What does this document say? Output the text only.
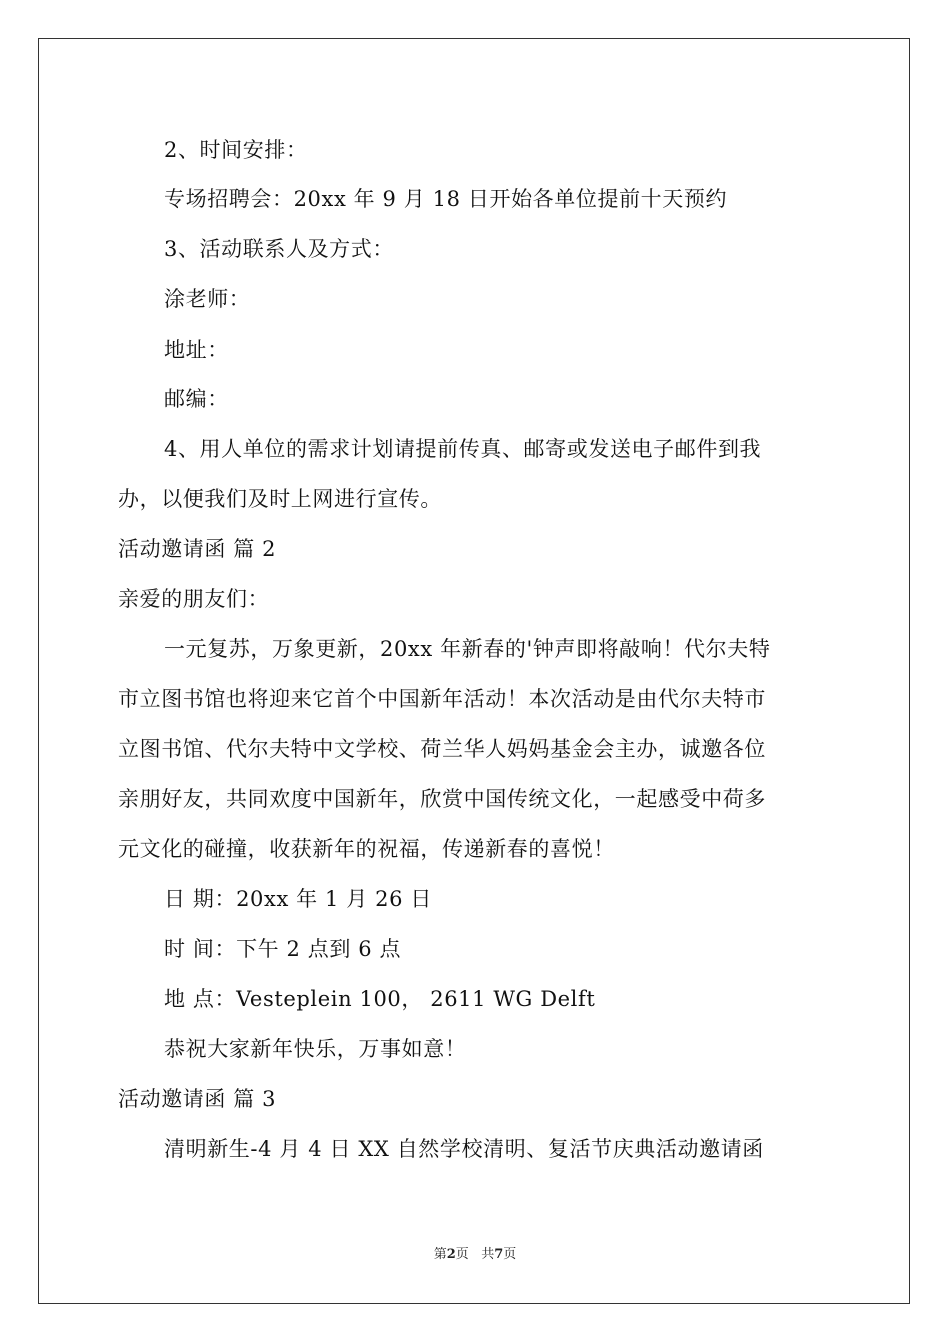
2、时间安排：
专场招聘会：20xx 年 9 月 18 日开始各单位提前十天预约
3、活动联系人及方式：
涂老师：
地址：
邮编：
4、用人单位的需求计划请提前传真、邮寄或发送电子邮件到我
办，以便我们及时上网进行宣传。
活动邀请函 篇 2
亲爱的朋友们：
一元复苏，万象更新，20xx 年新春的'钟声即将敲响！代尔夫特
市立图书馆也将迎来它首个中国新年活动！本次活动是由代尔夫特市
立图书馆、代尔夫特中文学校、荷兰华人妈妈基金会主办，诚邀各位
亲朋好友，共同欢度中国新年，欣赏中国传统文化，一起感受中荷多
元文化的碰撞，收获新年的祝福，传递新春的喜悦！
日 期：20xx 年 1 月 26 日
时 间：下午 2 点到 6 点
地 点：Vesteplein 100， 2611 WG Delft
恭祝大家新年快乐，万事如意！
活动邀请函 篇 3
清明新生-4 月 4 日 XX 自然学校清明、复活节庆典活动邀请函
第2页 共7页
